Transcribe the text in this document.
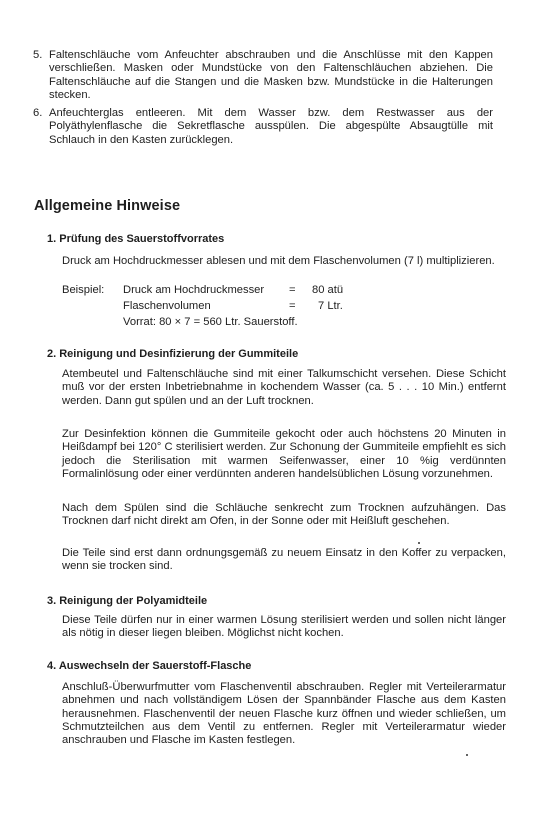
5. Faltenschläuche vom Anfeuchter abschrauben und die Anschlüsse mit den Kappen verschließen. Masken oder Mundstücke von den Faltenschläuchen abziehen. Die Faltenschläuche auf die Stangen und die Masken bzw. Mundstücke in die Halterungen stecken.

6. Anfeuchterglas entleeren. Mit dem Wasser bzw. dem Restwasser aus der Polyäthylenflasche die Sekretflasche ausspülen. Die abgespülte Absaugtülle mit Schlauch in den Kasten zurücklegen.

Allgemeine Hinweise
1. Prüfung des Sauerstoffvorrates

Druck am Hochdruckmesser ablesen und mit dem Flaschenvolumen (7 l) multiplizieren.

Beispiel: Druck am Hochdruckmesser = 80 atü
Flaschenvolumen	= 7 Ltr.
Vorrat: 80 × 7 = 560 Ltr. Sauerstoff.
2. Reinigung und Desinfizierung der Gummiteile

Atembeutel und Faltenschläuche sind mit einer Talkumschicht versehen. Diese Schicht muß vor der ersten Inbetriebnahme in kochendem Wasser (ca. 5 . . . 10 Min.) entfernt werden. Dann gut spülen und an der Luft trocknen.

Zur Desinfektion können die Gummiteile gekocht oder auch höchstens 20 Minuten in Heißdampf bei 120° C sterilisiert werden. Zur Schonung der Gummiteile empfiehlt es sich jedoch die Sterilisation mit warmen Seifenwasser, einer 10 %ig verdünnten Formalinlösung oder einer verdünnten anderen handelsüblichen Lösung vorzunehmen.

Nach dem Spülen sind die Schläuche senkrecht zum Trocknen aufzuhängen. Das Trocknen darf nicht direkt am Ofen, in der Sonne oder mit Heißluft geschehen.

Die Teile sind erst dann ordnungsgemäß zu neuem Einsatz in den Koffer zu verpacken, wenn sie trocken sind.

3. Reinigung der Polyamidteile

Diese Teile dürfen nur in einer warmen Lösung sterilisiert werden und sollen nicht länger als nötig in dieser liegen bleiben. Möglichst nicht kochen.

4. Auswechseln der Sauerstoff-Flasche

Anschluß-Überwurfmutter vom Flaschenventil abschrauben. Regler mit Verteilerarmatur abnehmen und nach vollständigem Lösen der Spannbänder Flasche aus dem Kasten herausnehmen. Flaschenventil der neuen Flasche kurz öffnen und wieder schließen, um Schmutzteilchen aus dem Ventil zu entfernen. Regler mit Verteilerarmatur wieder anschrauben und Flasche im Kasten festlegen.
